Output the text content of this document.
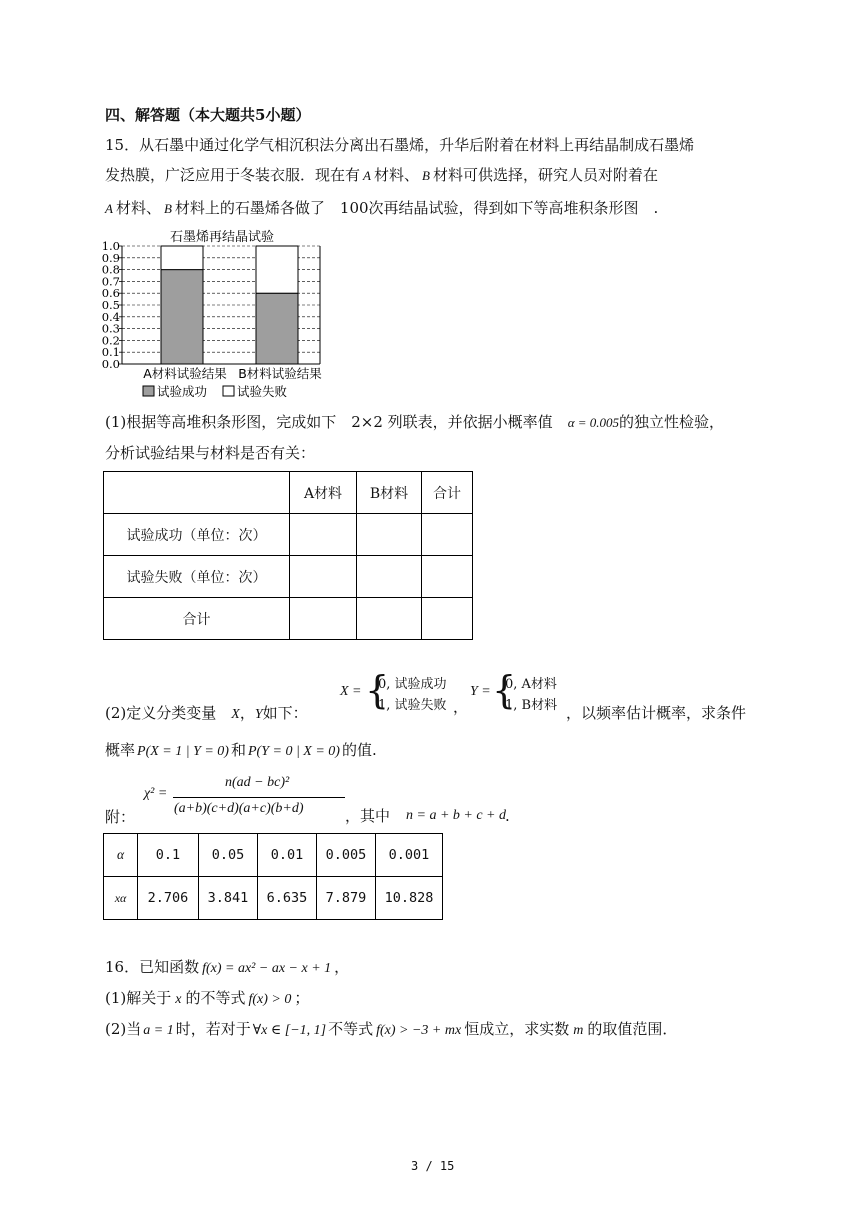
四、解答题（本大题共5小题）
15．从石墨中通过化学气相沉积法分离出石墨烯，升华后附着在材料上再结晶制成石墨烯
发热膜，广泛应用于冬装衣服．现在有 A 材料、 B 材料可供选择，研究人员对附着在
A 材料、 B 材料上的石墨烯各做了　100次再结晶试验，得到如下等高堆积条形图　.
石墨烯再结晶试验
0.0
0.1
0.2
0.3
0.4
0.5
0.6
0.7
0.8
0.9
1.0
A材料试验结果 B材料试验结果
试验成功 试验失败
(1)根据等高堆积条形图，完成如下　2×2 列联表，并依据小概率值　α = 0.005的独立性检验，
分析试验结果与材料是否有关：
	A材料	B材料	合计
试验成功（单位：次）			
试验失败（单位：次）			
合计			
X = {
0, 试验成功
1, 试验失败 ，
Y = {
0, A材料
1, B材料
(2)定义分类变量　X，Y如下：	，以频率估计概率，求条件
概率 P(X = 1 | Y = 0) 和 P(Y = 0 | X = 0) 的值.
附：
χ² =
n(ad − bc)²
(a+b)(c+d)(a+c)(b+d)	，其中 n = a + b + c + d
.
α	0.1	0.05	0.01	0.005	0.001
xα	2.706	3.841	6.635	7.879	10.828
16．已知函数 f(x) = ax² − ax − x + 1 ，
(1)解关于 x 的不等式 f(x) > 0 ；
(2)当 a = 1 时，若对于 ∀x ∈ [−1, 1] 不等式 f(x) > −3 + mx 恒成立，求实数 m 的取值范围．
3 / 15
